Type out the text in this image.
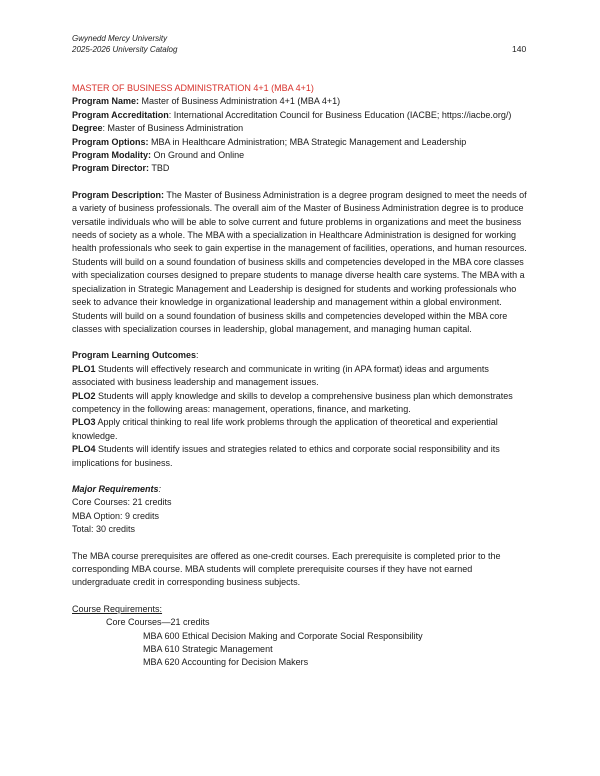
Gwynedd Mercy University
2025-2026 University Catalog	140

MASTER OF BUSINESS ADMINISTRATION 4+1 (MBA 4+1)

Program Name: Master of Business Administration 4+1 (MBA 4+1)

Program Accreditation: International Accreditation Council for Business Education (IACBE; https://iacbe.org/)

Degree: Master of Business Administration

Program Options: MBA in Healthcare Administration; MBA Strategic Management and Leadership

Program Modality: On Ground and Online

Program Director: TBD

Program Description: The Master of Business Administration is a degree program designed to meet the needs of a variety of business professionals. The overall aim of the Master of Business Administration degree is to produce versatile individuals who will be able to solve current and future problems in organizations and meet the business needs of society as a whole. The MBA with a specialization in Healthcare Administration is designed for working health professionals who seek to gain expertise in the management of facilities, operations, and human resources. Students will build on a sound foundation of business skills and competencies developed in the MBA core classes with specialization courses designed to prepare students to manage diverse health care systems. The MBA with a specialization in Strategic Management and Leadership is designed for students and working professionals who seek to advance their knowledge in organizational leadership and management within a global environment. Students will build on a sound foundation of business skills and competencies developed within the MBA core classes with specialization courses in leadership, global management, and managing human capital.

Program Learning Outcomes:

PLO1 Students will effectively research and communicate in writing (in APA format) ideas and arguments associated with business leadership and management issues.

PLO2 Students will apply knowledge and skills to develop a comprehensive business plan which demonstrates competency in the following areas: management, operations, finance, and marketing.

PLO3 Apply critical thinking to real life work problems through the application of theoretical and experiential knowledge.

PLO4 Students will identify issues and strategies related to ethics and corporate social responsibility and its implications for business.

Major Requirements:

Core Courses: 21 credits

MBA Option: 9 credits

Total: 30 credits

The MBA course prerequisites are offered as one-credit courses. Each prerequisite is completed prior to the corresponding MBA course. MBA students will complete prerequisite courses if they have not earned undergraduate credit in corresponding business subjects.

Course Requirements:

Core Courses—21 credits

MBA 600 Ethical Decision Making and Corporate Social Responsibility

MBA 610 Strategic Management

MBA 620 Accounting for Decision Makers
